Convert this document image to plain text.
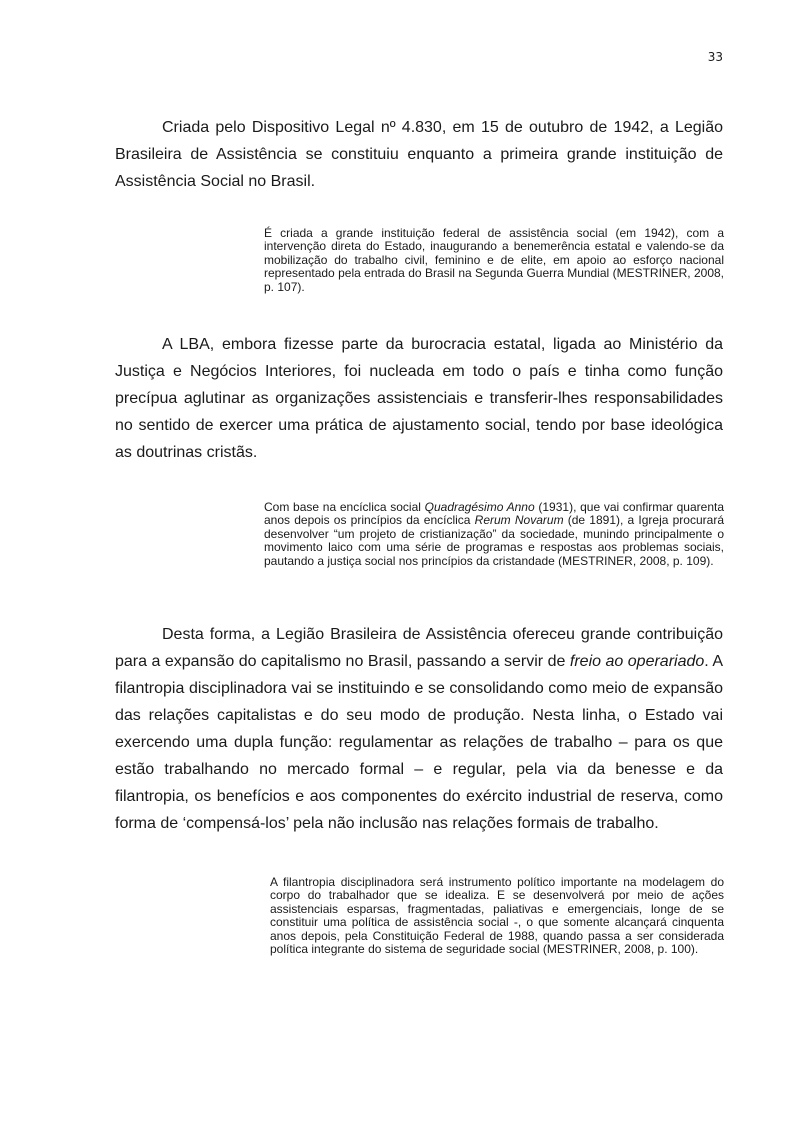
33

Criada pelo Dispositivo Legal nº 4.830, em 15 de outubro de 1942, a Legião Brasileira de Assistência se constituiu enquanto a primeira grande instituição de Assistência Social no Brasil.

É criada a grande instituição federal de assistência social (em 1942), com a intervenção direta do Estado, inaugurando a benemerência estatal e valendo-se da mobilização do trabalho civil, feminino e de elite, em apoio ao esforço nacional representado pela entrada do Brasil na Segunda Guerra Mundial (MESTRINER, 2008, p. 107).

A LBA, embora fizesse parte da burocracia estatal, ligada ao Ministério da Justiça e Negócios Interiores, foi nucleada em todo o país e tinha como função precípua aglutinar as organizações assistenciais e transferir-lhes responsabilidades no sentido de exercer uma prática de ajustamento social, tendo por base ideológica as doutrinas cristãs.

Com base na encíclica social Quadragésimo Anno (1931), que vai confirmar quarenta anos depois os princípios da encíclica Rerum Novarum (de 1891), a Igreja procurará desenvolver “um projeto de cristianização” da sociedade, munindo principalmente o movimento laico com uma série de programas e respostas aos problemas sociais, pautando a justiça social nos princípios da cristandade (MESTRINER, 2008, p. 109).

Desta forma, a Legião Brasileira de Assistência ofereceu grande contribuição para a expansão do capitalismo no Brasil, passando a servir de freio ao operariado. A filantropia disciplinadora vai se instituindo e se consolidando como meio de expansão das relações capitalistas e do seu modo de produção. Nesta linha, o Estado vai exercendo uma dupla função: regulamentar as relações de trabalho – para os que estão trabalhando no mercado formal – e regular, pela via da benesse e da filantropia, os benefícios e aos componentes do exército industrial de reserva, como forma de ‘compensá-los’ pela não inclusão nas relações formais de trabalho.

A filantropia disciplinadora será instrumento político importante na modelagem do corpo do trabalhador que se idealiza. E se desenvolverá por meio de ações assistenciais esparsas, fragmentadas, paliativas e emergenciais, longe de se constituir uma política de assistência social -, o que somente alcançará cinquenta anos depois, pela Constituição Federal de 1988, quando passa a ser considerada política integrante do sistema de seguridade social (MESTRINER, 2008, p. 100).
